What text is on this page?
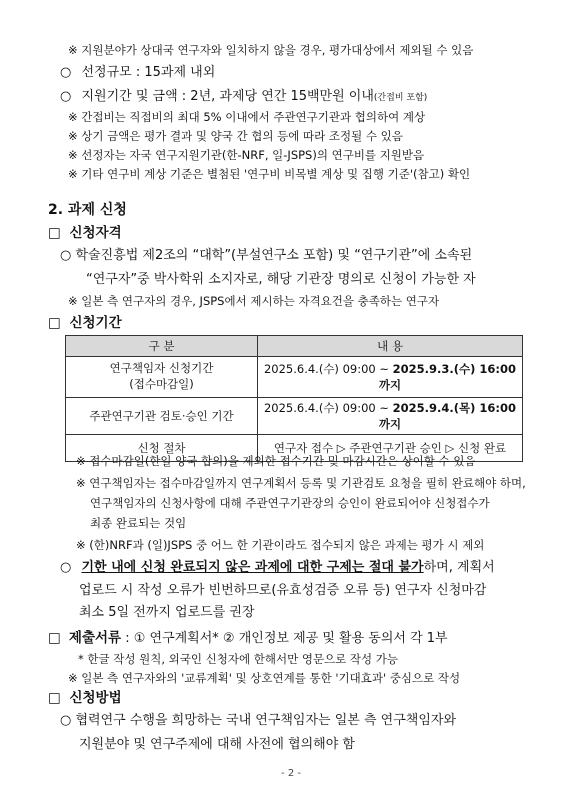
※ 지원분야가 상대국 연구자와 일치하지 않을 경우, 평가대상에서 제외될 수 있음
○ 선정규모 : 15과제 내외
○ 지원기간 및 금액 : 2년, 과제당 연간 15백만원 이내(간접비 포함)
※ 간접비는 직접비의 최대 5% 이내에서 주관연구기관과 협의하여 계상
※ 상기 금액은 평가 결과 및 양국 간 협의 등에 따라 조정될 수 있음
※ 선정자는 자국 연구지원기관(한-NRF, 일-JSPS)의 연구비를 지원받음
※ 기타 연구비 계상 기준은 별첨된 '연구비 비목별 계상 및 집행 기준'(참고) 확인
2. 과제 신청
□ 신청자격
○ 학술진흥법 제2조의 “대학”(부설연구소 포함) 및 “연구기관”에 소속된
“연구자”중 박사학위 소지자로, 해당 기관장 명의로 신청이 가능한 자
※ 일본 측 연구자의 경우, JSPS에서 제시하는 자격요건을 충족하는 연구자
□ 신청기간
구 분	내 용

연구책임자 신청기간
(접수마감일)	2025.6.4.(수) 09:00 ~ 2025.9.3.(수) 16:00까지
주관연구기관 검토·승인 기간	2025.6.4.(수) 09:00 ~ 2025.9.4.(목) 16:00까지
신청 절차	연구자 접수 ▷ 주관연구기관 승인 ▷ 신청 완료
※ 접수마감일(한일 양국 합의)을 제외한 접수기간 및 마감시간은 상이할 수 있음
※ 연구책임자는 접수마감일까지 연구계획서 등록 및 기관검토 요청을 필히 완료해야 하며,
연구책임자의 신청사항에 대해 주관연구기관장의 승인이 완료되어야 신청접수가
최종 완료되는 것임
※ (한)NRF과 (일)JSPS 중 어느 한 기관이라도 접수되지 않은 과제는 평가 시 제외
○ 기한 내에 신청 완료되지 않은 과제에 대한 구제는 절대 불가하며, 계획서
업로드 시 작성 오류가 빈번하므로(유효성검증 오류 등) 연구자 신청마감
최소 5일 전까지 업로드를 권장
□ 제출서류 : ① 연구계획서* ② 개인정보 제공 및 활용 동의서 각 1부
* 한글 작성 원칙, 외국인 신청자에 한해서만 영문으로 작성 가능
※ 일본 측 연구자와의 '교류계획' 및 상호연계를 통한 '기대효과' 중심으로 작성
□ 신청방법
○ 협력연구 수행을 희망하는 국내 연구책임자는 일본 측 연구책임자와
지원분야 및 연구주제에 대해 사전에 협의해야 함
- 2 -
